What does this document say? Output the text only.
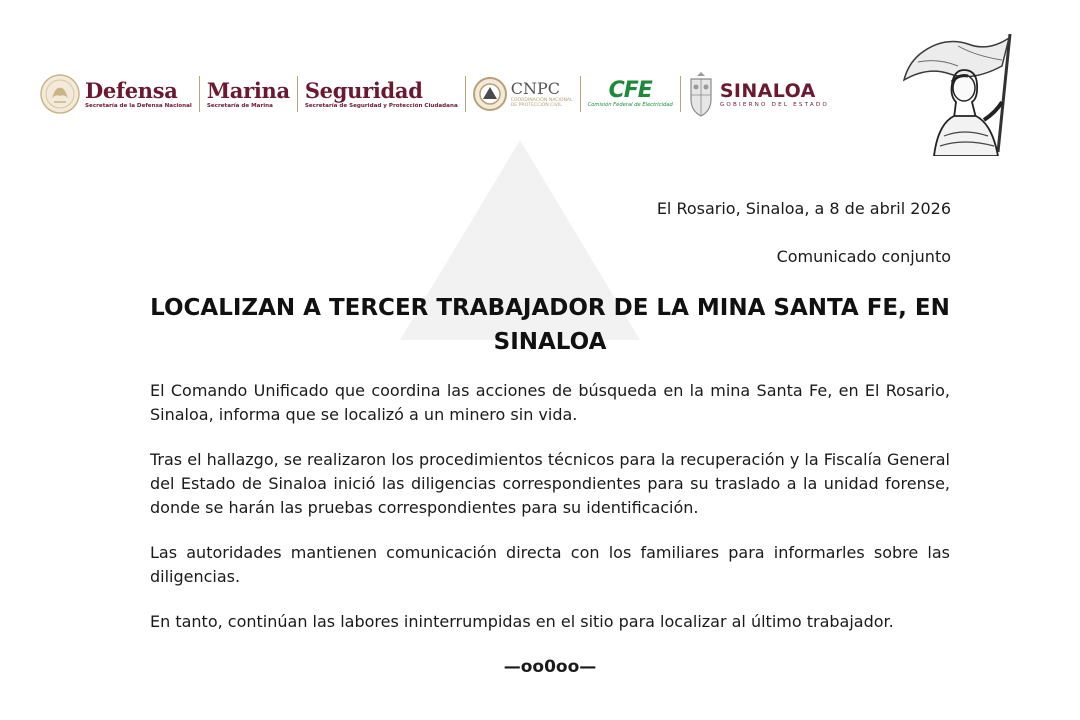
Defensa
Secretaría de la Defensa Nacional
Marina
Secretaría de Marina
Seguridad
Secretaría de Seguridad y Protección Ciudadana
CNPC
COORDINACIÓN NACIONAL
DE PROTECCIÓN CIVIL
CFE
Comisión Federal de Electricidad
SINALOA
GOBIERNO DEL ESTADO
El Rosario, Sinaloa, a 8 de abril 2026
Comunicado conjunto
LOCALIZAN A TERCER TRABAJADOR DE LA MINA SANTA FE, EN SINALOA

El Comando Unificado que coordina las acciones de búsqueda en la mina Santa Fe, en El Rosario, Sinaloa, informa que se localizó a un minero sin vida.

Tras el hallazgo, se realizaron los procedimientos técnicos para la recuperación y la Fiscalía General del Estado de Sinaloa inició las diligencias correspondientes para su traslado a la unidad forense, donde se harán las pruebas correspondientes para su identificación.

Las autoridades mantienen comunicación directa con los familiares para informarles sobre las diligencias.

En tanto, continúan las labores ininterrumpidas en el sitio para localizar al último trabajador.

—oo0oo—
